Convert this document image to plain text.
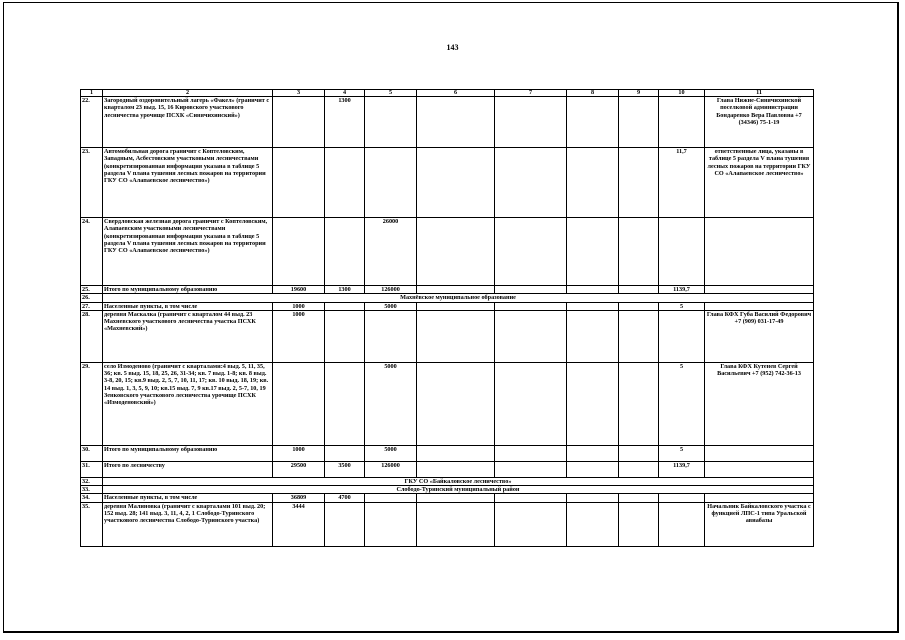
143
1	2	3	4	5	6	7	8	9	10	11
22.	Загородный оздоровительный лагерь «Факел» (граничит с кварталом 23 выд. 15, 16 Кировского участкового лесничества урочище ПСХК «Синячихинский»)		1300							Глава Нижне-Синячихинской поселковой администрации Бондаренко Вера Павловна +7 (34346) 75-1-19
23.	Автомобильная дорога граничит с Коптеловским, Западным, Асбестовским участковыми лесничествами (конкретизированная информация указана в таблице 5 раздела V плана тушения лесных пожаров на территории ГКУ СО «Алапаевское лесничество»)								11,7	ответственные лица, указаны в таблице 5 раздела V плана тушения лесных пожаров на территории ГКУ СО «Алапаевское лесничество»
24.	Свердловская железная дорога граничит с Коптеловским, Алапаевским участковыми лесничествами (конкретизированная информация указана в таблице 5 раздела V плана тушения лесных пожаров на территории ГКУ СО «Алапаевское лесничество»)			26000						
25.	Итого по муниципальному образованию	19600	1300	126000					1139,7	
26.	Махнёвское муниципальное образование									
27.	Населенные пункты, в том числе	1000		5000					5	
28.	деревня Маскалка (граничит с кварталом 44 выд. 23 Махневского участкового лесничества участка ПСХК «Махневский»)	1000								Глава КФХ Губа Василий Федорович +7 (909) 031-17-49
29.	село Измоденово (граничит с кварталами:4 выд. 5, 11, 35, 36; кв. 5 выд. 15, 18, 25, 26, 31-34; кв. 7 выд. 1-8; кв. 8 выд. 3-8, 20, 15; кв.9 выд. 2, 5, 7, 10, 11, 17; кв. 10 выд. 18, 19; кв. 14 выд. 1, 3, 5, 9, 10; кв.15 выд. 7, 9 кв.17 выд. 2, 5-7, 10, 19 Зенковского участкового лесничества урочище ПСХК «Измоденовский»)			5000					5	Глава КФХ Кутенев Сергей Васильевич +7 (952) 742-36-13
30.	Итого по муниципальному образованию	1000		5000					5	
31.	Итого по лесничеству	29500	3500	126000					1139,7	
32.	ГКУ СО «Байкаловское лесничество»									
33.	Слободо-Туринский муниципальный район									
34.	Населенные пункты, в том числе	36809	4700							
35.	деревня Малиновка (граничит с кварталами 101 выд. 20; 152 выд. 28; 141 выд. 3, 11, 4, 2, 1 Слободо-Туринского участкового лесничества Слободо-Туринского участка)	3444								Начальник Байкаловского участка с функцией ЛПС-1 типа Уральской авиабазы
